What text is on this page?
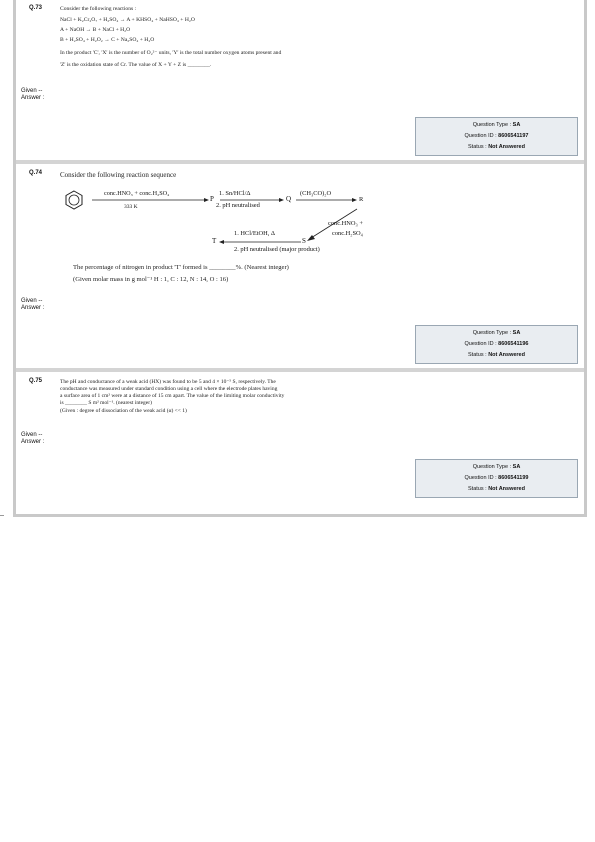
Q.73	Consider the following reactions :
NaCl + K₂Cr₂O₇ + H₂SO₄ → A + KHSO₄ + NaHSO₄ + H₂O
A + NaOH → B + NaCl + H₂O
B + H₂SO₄ + H₂O₂ → C + Na₂SO₄ + H₂O
In the product 'C', 'X' is the number of O₂²⁻ units, 'Y' is the total number oxygen atoms present and
'Z' is the oxidation state of Cr. The value of X + Y + Z is ________.
Given --
Answer :
Question Type : SA
Question ID : 8606541197
Status : Not Answered
Q.74	Consider the following reaction sequence
conc.HNO₃ + conc.H₂SO₄
333 K
P
1. Sn/HCl/Δ
2. pH neutralised
Q
(CH₃CO)₂O
R
conc.HNO₃ +
conc.H₂SO₄
S
1. HCl/EtOH, Δ
T
2. pH neutralised (major product)
The percentage of nitrogen in product 'T' formed is ________%. (Nearest integer)
(Given molar mass in g mol⁻¹ H : 1, C : 12, N : 14, O : 16)
Given --
Answer :
Question Type : SA
Question ID : 8606541196
Status : Not Answered
Q.75	The pH and conductance of a weak acid (HX) was found to be 5 and 4 × 10⁻⁵ S, respectively. The
conductance was measured under standard condition using a cell where the electrode plates having
a surface area of 1 cm² were at a distance of 15 cm apart. The value of the limiting molar conductivity
is ________ S m² mol⁻¹. (nearest integer)
(Given : degree of dissociation of the weak acid (α) << 1)
Given --
Answer :
Question Type : SA
Question ID : 8606541199
Status : Not Answered
